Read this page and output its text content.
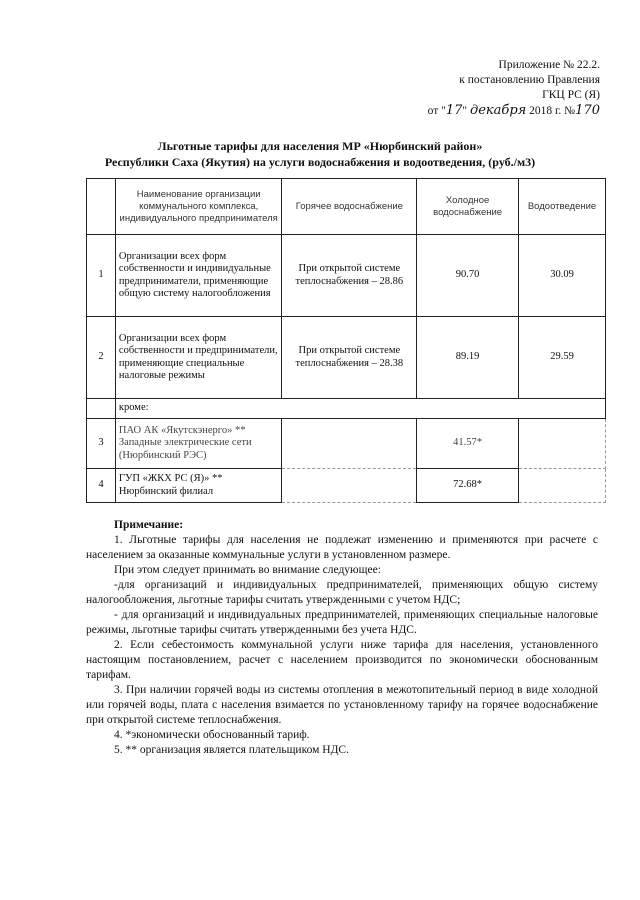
Приложение № 22.2.
к постановлению Правления
ГКЦ РС (Я)
от "17" декабря 2018 г. №170
Льготные тарифы для населения МР «Нюрбинский район»
Республики Саха (Якутия) на услуги водоснабжения и водоотведения, (руб./м3)
	Наименование организации коммунального комплекса, индивидуального предпринимателя	Горячее водоснабжение	Холодное водоснабжение	Водоотведение
1	Организации всех форм собственности и индивидуальные предприниматели, применяющие общую систему налогообложения	При открытой системе теплоснабжения – 28.86	90.70	30.09
2	Организации всех форм собственности и предприниматели, применяющие специальные налоговые режимы	При открытой системе теплоснабжения – 28.38	89.19	29.59
	кроме:			
3	ПАО АК «Якутскэнерго» ** Западные электрические сети (Нюрбинский РЭС)		41.57*	
4	ГУП «ЖКХ РС (Я)» ** Нюрбинский филиал		72.68*	
Примечание:

1. Льготные тарифы для населения не подлежат изменению и применяются при расчете с населением за оказанные коммунальные услуги в установленном размере.

При этом следует принимать во внимание следующее:

-для организаций и индивидуальных предпринимателей, применяющих общую систему налогообложения, льготные тарифы считать утвержденными с учетом НДС;

- для организаций и индивидуальных предпринимателей, применяющих специальные налоговые режимы, льготные тарифы считать утвержденными без учета НДС.

2. Если себестоимость коммунальной услуги ниже тарифа для населения, установленного настоящим постановлением, расчет с населением производится по экономически обоснованным тарифам.

3. При наличии горячей воды из системы отопления в межотопительный период в виде холодной или горячей воды, плата с населения взимается по установленному тарифу на горячее водоснабжение при открытой системе теплоснабжения.

4. *экономически обоснованный тариф.

5. ** организация является плательщиком НДС.
